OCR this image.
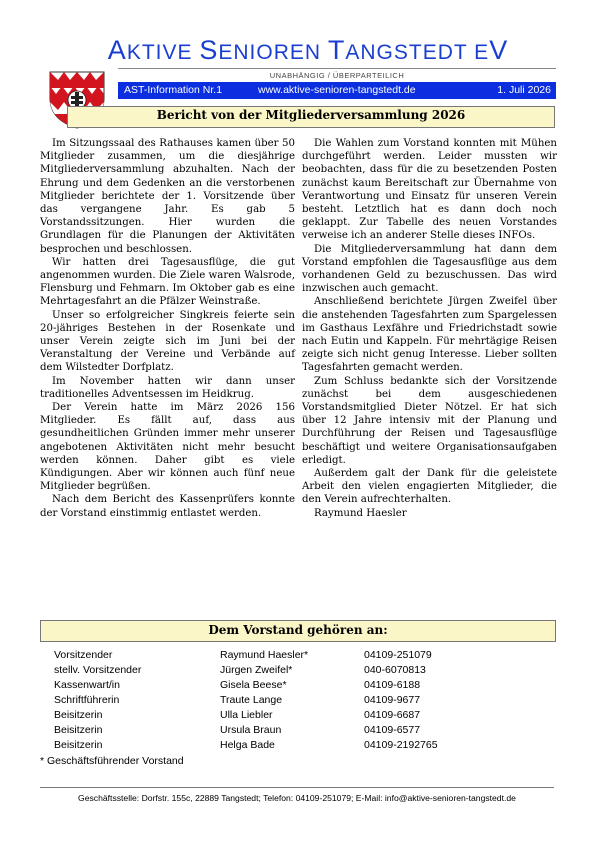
AKTIVE SENIOREN TANGSTEDT EV
UNABHÄNGIG / ÜBERPARTEILICH
AST-Information Nr.1	www.aktive-senioren-tangstedt.de	1. Juli 2026
Bericht von der Mitgliederversammlung 2026

Im Sitzungssaal des Rathauses kamen über 50 Mitglieder zusammen, um die diesjährige Mitgliederversammlung abzuhalten. Nach der Ehrung und dem Gedenken an die verstorbenen Mitglieder berichtete der 1. Vorsitzende über das vergangene Jahr. Es gab 5 Vorstandssitzungen. Hier wurden die Grundlagen für die Planungen der Aktivitäten besprochen und beschlossen.

Wir hatten drei Tagesausflüge, die gut angenommen wurden. Die Ziele waren Walsrode, Flensburg und Fehmarn. Im Oktober gab es eine Mehrtagesfahrt an die Pfälzer Weinstraße.

Unser so erfolgreicher Singkreis feierte sein 20-jähriges Bestehen in der Rosenkate und unser Verein zeigte sich im Juni bei der Veranstaltung der Vereine und Verbände auf dem Wilstedter Dorfplatz.

Im November hatten wir dann unser traditionelles Adventsessen im Heidkrug.

Der Verein hatte im März 2026 156 Mitglieder. Es fällt auf, dass aus gesundheitlichen Gründen immer mehr unserer angebotenen Aktivitäten nicht mehr besucht werden können. Daher gibt es viele Kündigungen. Aber wir können auch fünf neue Mitglieder begrüßen.

Nach dem Bericht des Kassenprüfers konnte der Vorstand einstimmig entlastet werden.

Die Wahlen zum Vorstand konnten mit Mühen durchgeführt werden. Leider mussten wir beobachten, dass für die zu besetzenden Posten zunächst kaum Bereitschaft zur Übernahme von Verantwortung und Einsatz für unseren Verein besteht. Letztlich hat es dann doch noch geklappt. Zur Tabelle des neuen Vorstandes verweise ich an anderer Stelle dieses INFOs.

Die Mitgliederversammlung hat dann dem Vorstand empfohlen die Tagesausflüge aus dem vorhandenen Geld zu bezuschussen. Das wird inzwischen auch gemacht.

Anschließend berichtete Jürgen Zweifel über die anstehenden Tagesfahrten zum Spargelessen im Gasthaus Lexfähre und Friedrichstadt sowie nach Eutin und Kappeln. Für mehrtägige Reisen zeigte sich nicht genug Interesse. Lieber sollten Tagesfahrten gemacht werden.

Zum Schluss bedankte sich der Vorsitzende zunächst bei dem ausgeschiedenen Vorstandsmitglied Dieter Nötzel. Er hat sich über 12 Jahre intensiv mit der Planung und Durchführung der Reisen und Tagesausflüge beschäftigt und weitere Organisationsaufgaben erledigt.

Außerdem galt der Dank für die geleistete Arbeit den vielen engagierten Mitglieder, die den Verein aufrechterhalten.

Raymund Haesler

Dem Vorstand gehören an:
Vorsitzender	Raymund Haesler*	04109-251079
stellv. Vorsitzender	Jürgen Zweifel*	040-6070813
Kassenwart/in	Gisela Beese*	04109-6188
Schriftführerin	Traute Lange	04109-9677
Beisitzerin	Ulla Liebler	04109-6687
Beisitzerin	Ursula Braun	04109-6577
Beisitzerin	Helga Bade	04109-2192765
* Geschäftsführender Vorstand
Geschäftsstelle: Dorfstr. 155c, 22889 Tangstedt; Telefon: 04109-251079; E-Mail: info@aktive-senioren-tangstedt.de
